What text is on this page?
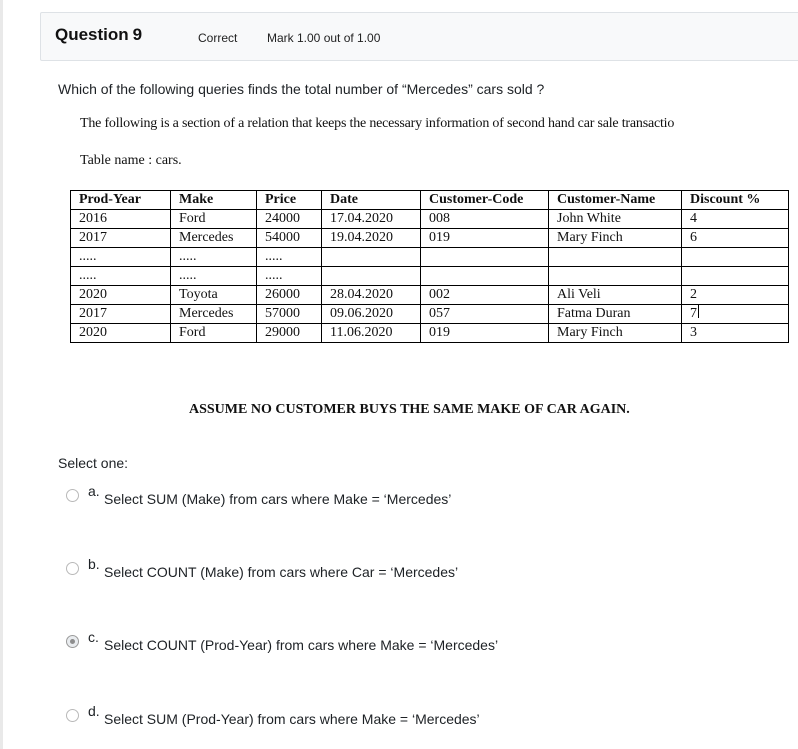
Question 9	Correct Mark 1.00 out of 1.00
Which of the following queries finds the total number of “Mercedes” cars sold ?
The following is a section of a relation that keeps the necessary information of second hand car sale transactio
Table name : cars.
Prod-Year	Make	Price	Date	Customer-Code	Customer-Name	Discount %
2016	Ford	24000	17.04.2020	008	John White	4
2017	Mercedes	54000	19.04.2020	019	Mary Finch	6
.....	.....	.....				
.....	.....	.....				
2020	Toyota	26000	28.04.2020	002	Ali Veli	2
2017	Mercedes	57000	09.06.2020	057	Fatma Duran	7
2020	Ford	29000	11.06.2020	019	Mary Finch	3
ASSUME NO CUSTOMER BUYS THE SAME MAKE OF CAR AGAIN.
Select one:
a. Select SUM (Make) from cars where Make = ‘Mercedes’
b. Select COUNT (Make) from cars where Car = ‘Mercedes’
c. Select COUNT (Prod-Year) from cars where Make = ‘Mercedes’
d. Select SUM (Prod-Year) from cars where Make = ‘Mercedes’
